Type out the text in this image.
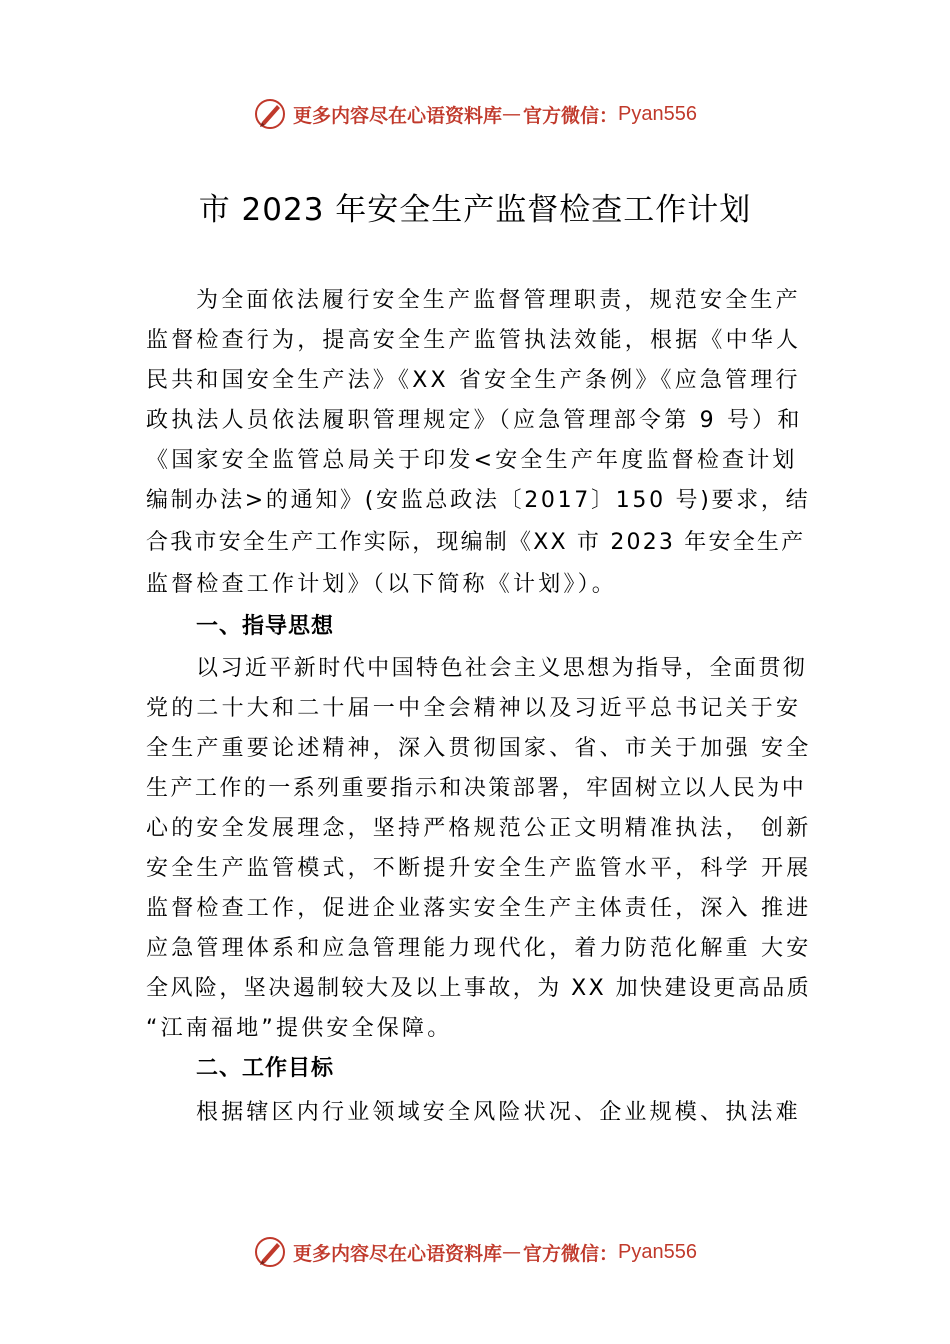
更多内容尽在心语资料库 — 官方微信： Pyan556
市 2023 年安全生产监督检查工作计划
为全面依法履行安全生产监督管理职责，规范安全生产
监督检查行为，提高安全生产监管执法效能，根据《中华人
民共和国安全生产法》《XX 省安全生产条例》《应急管理行
政执法人员依法履职管理规定》（应急管理部令第 9 号）和
《国家安全监管总局关于印发<安全生产年度监督检查计划
编制办法>的通知》(安监总政法〔2017〕150 号)要求，结
合我市安全生产工作实际，现编制《XX 市 2023 年安全生产
监督检查工作计划》（以下简称《计划》）。
一、指导思想
以习近平新时代中国特色社会主义思想为指导，全面贯彻
党的二十大和二十届一中全会精神以及习近平总书记关于安
全生产重要论述精神，深入贯彻国家、省、市关于加强 安全
生产工作的一系列重要指示和决策部署，牢固树立以人民为中
心的安全发展理念，坚持严格规范公正文明精准执法， 创新
安全生产监管模式，不断提升安全生产监管水平，科学 开展
监督检查工作，促进企业落实安全生产主体责任，深入 推进
应急管理体系和应急管理能力现代化，着力防范化解重 大安
全风险，坚决遏制较大及以上事故，为 XX 加快建设更高品质
“江南福地”提供安全保障。
二、工作目标
根据辖区内行业领域安全风险状况、企业规模、执法难
更多内容尽在心语资料库 — 官方微信： Pyan556
